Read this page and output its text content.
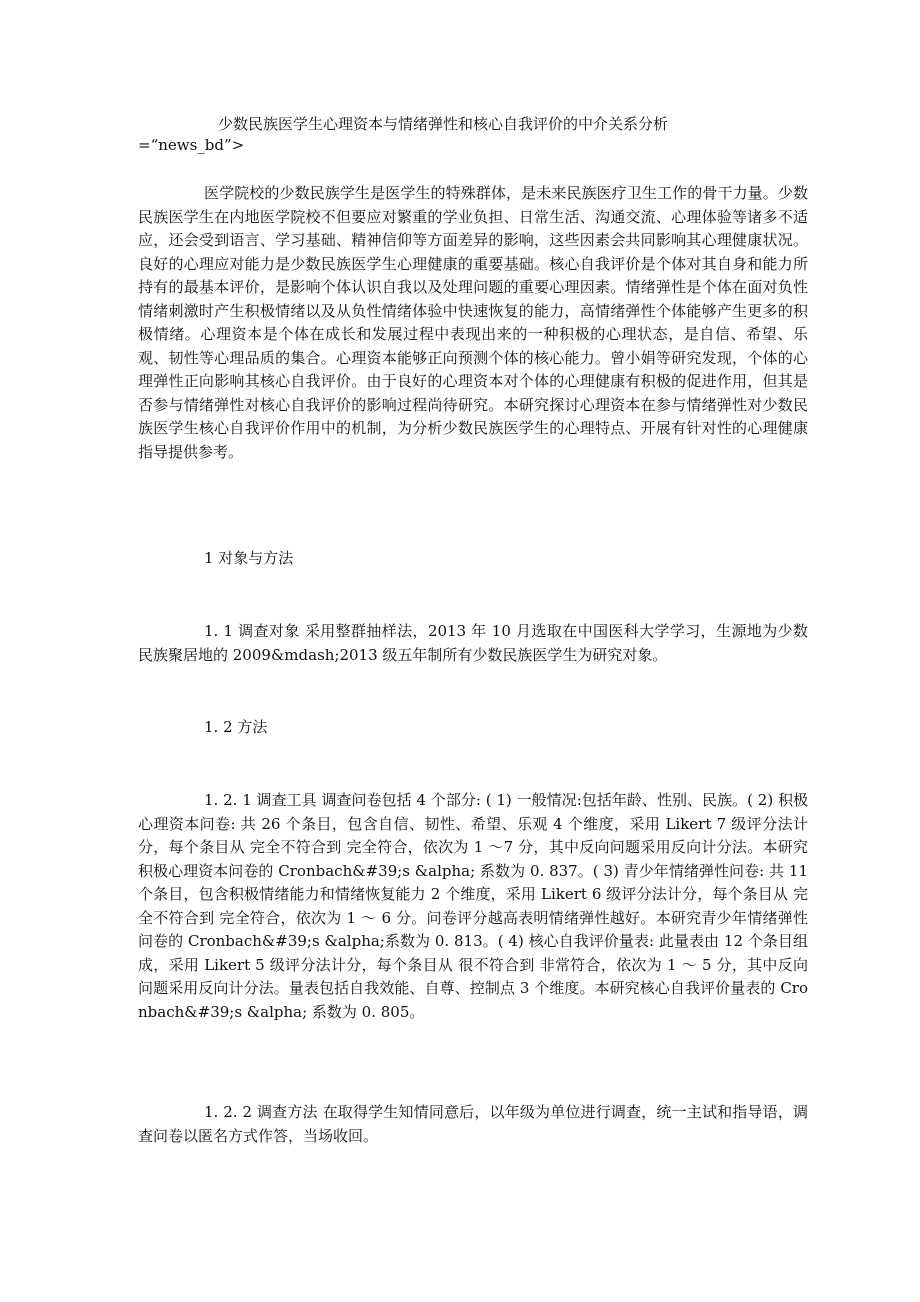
少数民族医学生心理资本与情绪弹性和核心自我评价的中介关系分析
=“news_bd”>

医学院校的少数民族学生是医学生的特殊群体，是未来民族医疗卫生工作的骨干力量。少数民族医学生在内地医学院校不但要应对繁重的学业负担、日常生活、沟通交流、心理体验等诸多不适应，还会受到语言、学习基础、精神信仰等方面差异的影响，这些因素会共同影响其心理健康状况。良好的心理应对能力是少数民族医学生心理健康的重要基础。核心自我评价是个体对其自身和能力所持有的最基本评价，是影响个体认识自我以及处理问题的重要心理因素。情绪弹性是个体在面对负性情绪刺激时产生积极情绪以及从负性情绪体验中快速恢复的能力，高情绪弹性个体能够产生更多的积极情绪。心理资本是个体在成长和发展过程中表现出来的一种积极的心理状态，是自信、希望、乐观、韧性等心理品质的集合。心理资本能够正向预测个体的核心能力。曾小娟等研究发现，个体的心理弹性正向影响其核心自我评价。由于良好的心理资本对个体的心理健康有积极的促进作用，但其是否参与情绪弹性对核心自我评价的影响过程尚待研究。本研究探讨心理资本在参与情绪弹性对少数民族医学生核心自我评价作用中的机制，为分析少数民族医学生的心理特点、开展有针对性的心理健康指导提供参考。

1 对象与方法

1. 1 调查对象 采用整群抽样法，2013 年 10 月选取在中国医科大学学习，生源地为少数民族聚居地的 2009&mdash;2013 级五年制所有少数民族医学生为研究对象。

1. 2 方法

1. 2. 1 调查工具 调查问卷包括 4 个部分: ( 1) 一般情况:包括年龄、性别、民族。( 2) 积极心理资本问卷: 共 26 个条目，包含自信、韧性、希望、乐观 4 个维度，采用 Likert 7 级评分法计分，每个条目从 完全不符合到 完全符合，依次为 1 ～7 分，其中反向问题采用反向计分法。本研究积极心理资本问卷的 Cronbach&#39;s &alpha; 系数为 0. 837。( 3) 青少年情绪弹性问卷: 共 11 个条目，包含积极情绪能力和情绪恢复能力 2 个维度，采用 Likert 6 级评分法计分，每个条目从 完全不符合到 完全符合，依次为 1 ～ 6 分。问卷评分越高表明情绪弹性越好。本研究青少年情绪弹性问卷的 Cronbach&#39;s &alpha;系数为 0. 813。( 4) 核心自我评价量表: 此量表由 12 个条目组成，采用 Likert 5 级评分法计分，每个条目从 很不符合到 非常符合，依次为 1 ～ 5 分，其中反向问题采用反向计分法。量表包括自我效能、自尊、控制点 3 个维度。本研究核心自我评价量表的 Cronbach&#39;s &alpha; 系数为 0. 805。

1. 2. 2 调查方法 在取得学生知情同意后，以年级为单位进行调查，统一主试和指导语，调查问卷以匿名方式作答，当场收回。
